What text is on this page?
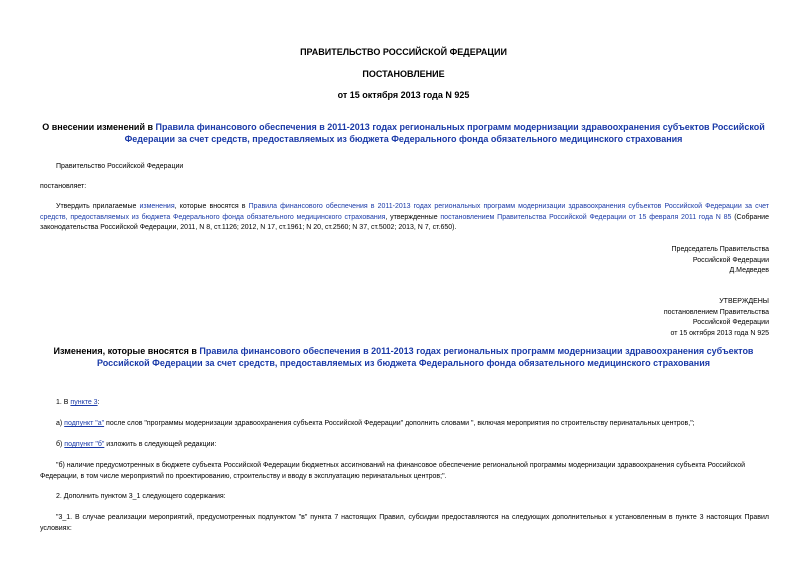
ПРАВИТЕЛЬСТВО РОССИЙСКОЙ ФЕДЕРАЦИИ
ПОСТАНОВЛЕНИЕ
от 15 октября 2013 года N 925
О внесении изменений в Правила финансового обеспечения в 2011-2013 годах региональных программ модернизации здравоохранения субъектов Российской Федерации за счет средств, предоставляемых из бюджета Федерального фонда обязательного медицинского страхования
Правительство Российской Федерации
постановляет:
Утвердить прилагаемые изменения, которые вносятся в Правила финансового обеспечения в 2011-2013 годах региональных программ модернизации здравоохранения субъектов Российской Федерации за счет средств, предоставляемых из бюджета Федерального фонда обязательного медицинского страхования, утвержденные постановлением Правительства Российской Федерации от 15 февраля 2011 года N 85 (Собрание законодательства Российской Федерации, 2011, N 8, ст.1126; 2012, N 17, ст.1961; N 20, ст.2560; N 37, ст.5002; 2013, N 7, ст.650).
Председатель Правительства
Российской Федерации
Д.Медведев
УТВЕРЖДЕНЫ
постановлением Правительства
Российской Федерации
от 15 октября 2013 года N 925
Изменения, которые вносятся в Правила финансового обеспечения в 2011-2013 годах региональных программ модернизации здравоохранения субъектов Российской Федерации за счет средств, предоставляемых из бюджета Федерального фонда обязательного медицинского страхования
1. В пункте 3:
а) подпункт "а" после слов "программы модернизации здравоохранения субъекта Российской Федерации" дополнить словами ", включая мероприятия по строительству перинатальных центров,";
б) подпункт "б" изложить в следующей редакции:
"б) наличие предусмотренных в бюджете субъекта Российской Федерации бюджетных ассигнований на финансовое обеспечение региональной программы модернизации здравоохранения субъекта Российской Федерации, в том числе мероприятий по проектированию, строительству и вводу в эксплуатацию перинатальных центров;".
2. Дополнить пунктом 3_1 следующего содержания:
"3_1. В случае реализации мероприятий, предусмотренных подпунктом "в" пункта 7 настоящих Правил, субсидии предоставляются на следующих дополнительных к установленным в пункте 3 настоящих Правил условиях:
